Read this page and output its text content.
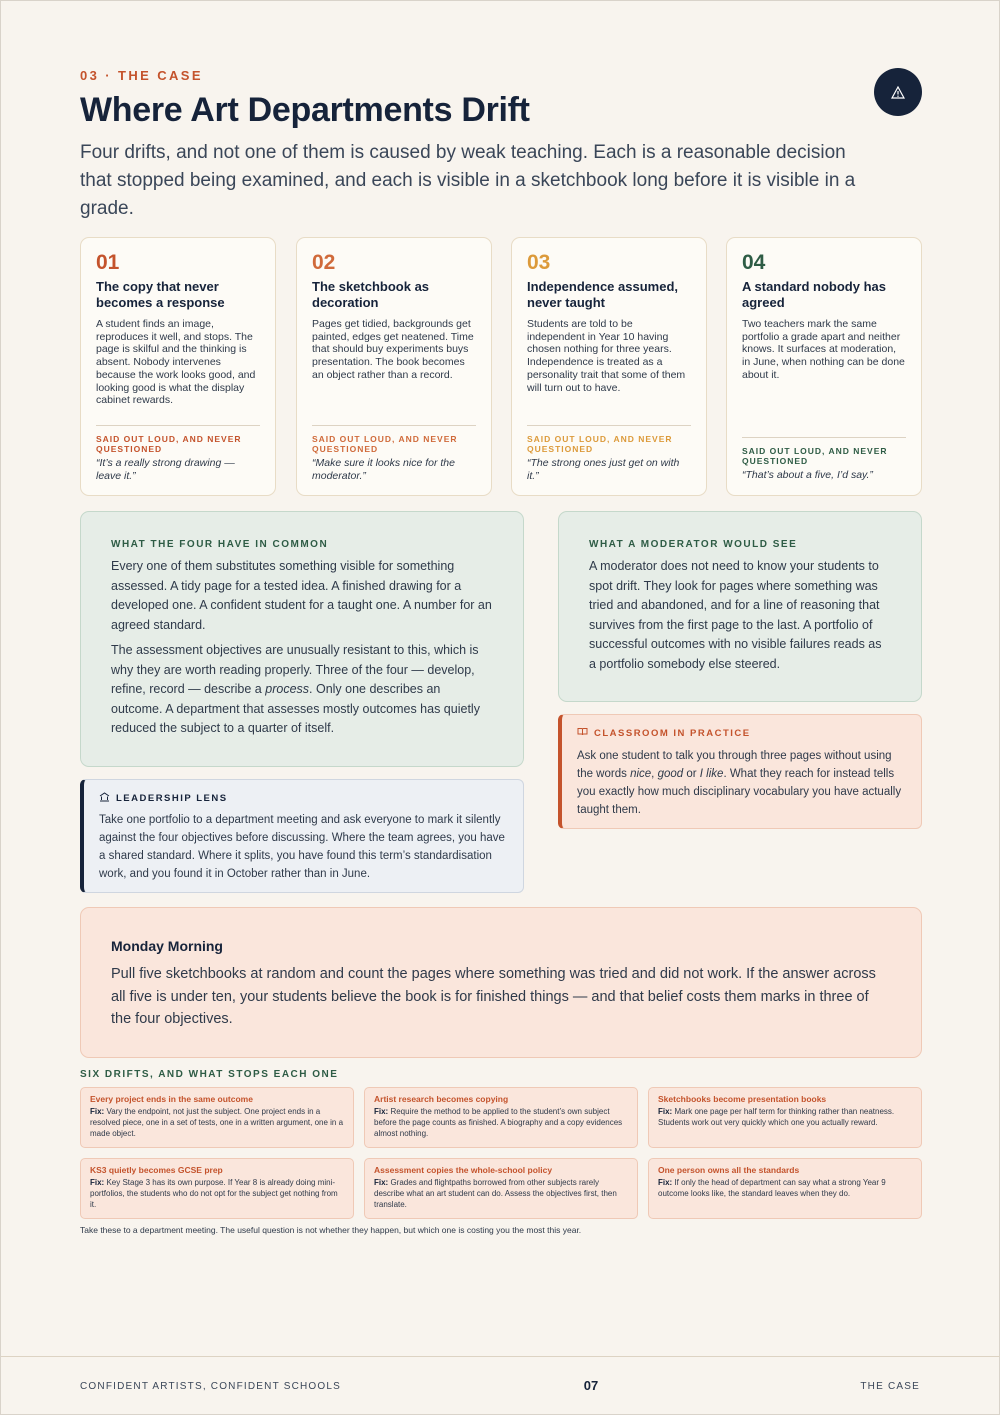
03 · THE CASE
Where Art Departments Drift

Four drifts, and not one of them is caused by weak teaching. Each is a reasonable decision that stopped being examined, and each is visible in a sketchbook long before it is visible in a grade.

01
The copy that never becomes a response
A student finds an image, reproduces it well, and stops. The page is skilful and the thinking is absent. Nobody intervenes because the work looks good, and looking good is what the display cabinet rewards.
SAID OUT LOUD, AND NEVER QUESTIONED
“It’s a really strong drawing — leave it.”
02
The sketchbook as decoration
Pages get tidied, backgrounds get painted, edges get neatened. Time that should buy experiments buys presentation. The book becomes an object rather than a record.
SAID OUT LOUD, AND NEVER QUESTIONED
“Make sure it looks nice for the moderator.”
03
Independence assumed, never taught
Students are told to be independent in Year 10 having chosen nothing for three years. Independence is treated as a personality trait that some of them will turn out to have.
SAID OUT LOUD, AND NEVER QUESTIONED
“The strong ones just get on with it.”
04
A standard nobody has agreed
Two teachers mark the same portfolio a grade apart and neither knows. It surfaces at moderation, in June, when nothing can be done about it.
SAID OUT LOUD, AND NEVER QUESTIONED
“That’s about a five, I’d say.”
WHAT THE FOUR HAVE IN COMMON

Every one of them substitutes something visible for something assessed. A tidy page for a tested idea. A finished drawing for a developed one. A confident student for a taught one. A number for an agreed standard.

The assessment objectives are unusually resistant to this, which is why they are worth reading properly. Three of the four — develop, refine, record — describe a process. Only one describes an outcome. A department that assesses mostly outcomes has quietly reduced the subject to a quarter of itself.

WHAT A MODERATOR WOULD SEE

A moderator does not need to know your students to spot drift. They look for pages where something was tried and abandoned, and for a line of reasoning that survives from the first page to the last. A portfolio of successful outcomes with no visible failures reads as a portfolio somebody else steered.

CLASSROOM IN PRACTICE

Ask one student to talk you through three pages without using the words nice, good or I like. What they reach for instead tells you exactly how much disciplinary vocabulary you have actually taught them.

LEADERSHIP LENS

Take one portfolio to a department meeting and ask everyone to mark it silently against the four objectives before discussing. Where the team agrees, you have a shared standard. Where it splits, you have found this term’s standardisation work, and you found it in October rather than in June.

Monday Morning

Pull five sketchbooks at random and count the pages where something was tried and did not work. If the answer across all five is under ten, your students believe the book is for finished things — and that belief costs them marks in three of the four objectives.

SIX DRIFTS, AND WHAT STOPS EACH ONE
Every project ends in the same outcome
Fix: Vary the endpoint, not just the subject. One project ends in a resolved piece, one in a set of tests, one in a written argument, one in a made object.
Artist research becomes copying
Fix: Require the method to be applied to the student’s own subject before the page counts as finished. A biography and a copy evidences almost nothing.
Sketchbooks become presentation books
Fix: Mark one page per half term for thinking rather than neatness. Students work out very quickly which one you actually reward.
KS3 quietly becomes GCSE prep
Fix: Key Stage 3 has its own purpose. If Year 8 is already doing mini-portfolios, the students who do not opt for the subject get nothing from it.
Assessment copies the whole-school policy
Fix: Grades and flightpaths borrowed from other subjects rarely describe what an art student can do. Assess the objectives first, then translate.
One person owns all the standards
Fix: If only the head of department can say what a strong Year 9 outcome looks like, the standard leaves when they do.
Take these to a department meeting. The useful question is not whether they happen, but which one is costing you the most this year.
CONFIDENT ARTISTS, CONFIDENT SCHOOLS	07	THE CASE
